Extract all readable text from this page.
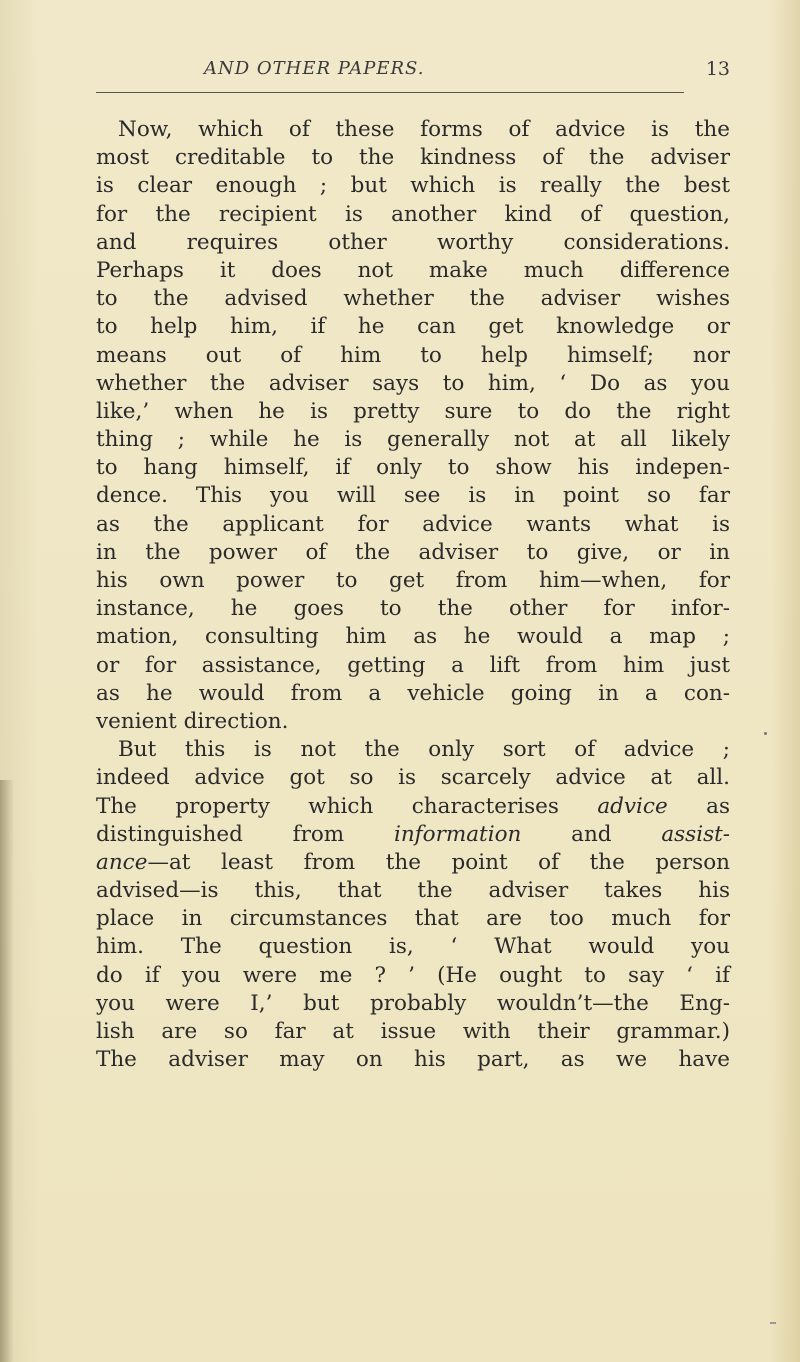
AND OTHER PAPERS.	13
Now, which of these forms of advice is the
most creditable to the kindness of the adviser
is clear enough ; but which is really the best
for the recipient is another kind of question,
and requires other worthy considerations.
Perhaps it does not make much difference
to the advised whether the adviser wishes
to help him, if he can get knowledge or
means out of him to help himself; nor
whether the adviser says to him, ‘ Do as you
like,’ when he is pretty sure to do the right
thing ; while he is generally not at all likely
to hang himself, if only to show his indepen-
dence. This you will see is in point so far
as the applicant for advice wants what is
in the power of the adviser to give, or in
his own power to get from him—when, for
instance, he goes to the other for infor-
mation, consulting him as he would a map ;
or for assistance, getting a lift from him just
as he would from a vehicle going in a con-
venient direction.
But this is not the only sort of advice ;
indeed advice got so is scarcely advice at all.
The property which characterises advice as
distinguished from information and assist-
ance—at least from the point of the person
advised—is this, that the adviser takes his
place in circumstances that are too much for
him. The question is, ‘ What would you
do if you were me ? ’ (He ought to say ‘ if
you were I,’ but probably wouldn’t—the Eng-
lish are so far at issue with their grammar.)
The adviser may on his part, as we have
